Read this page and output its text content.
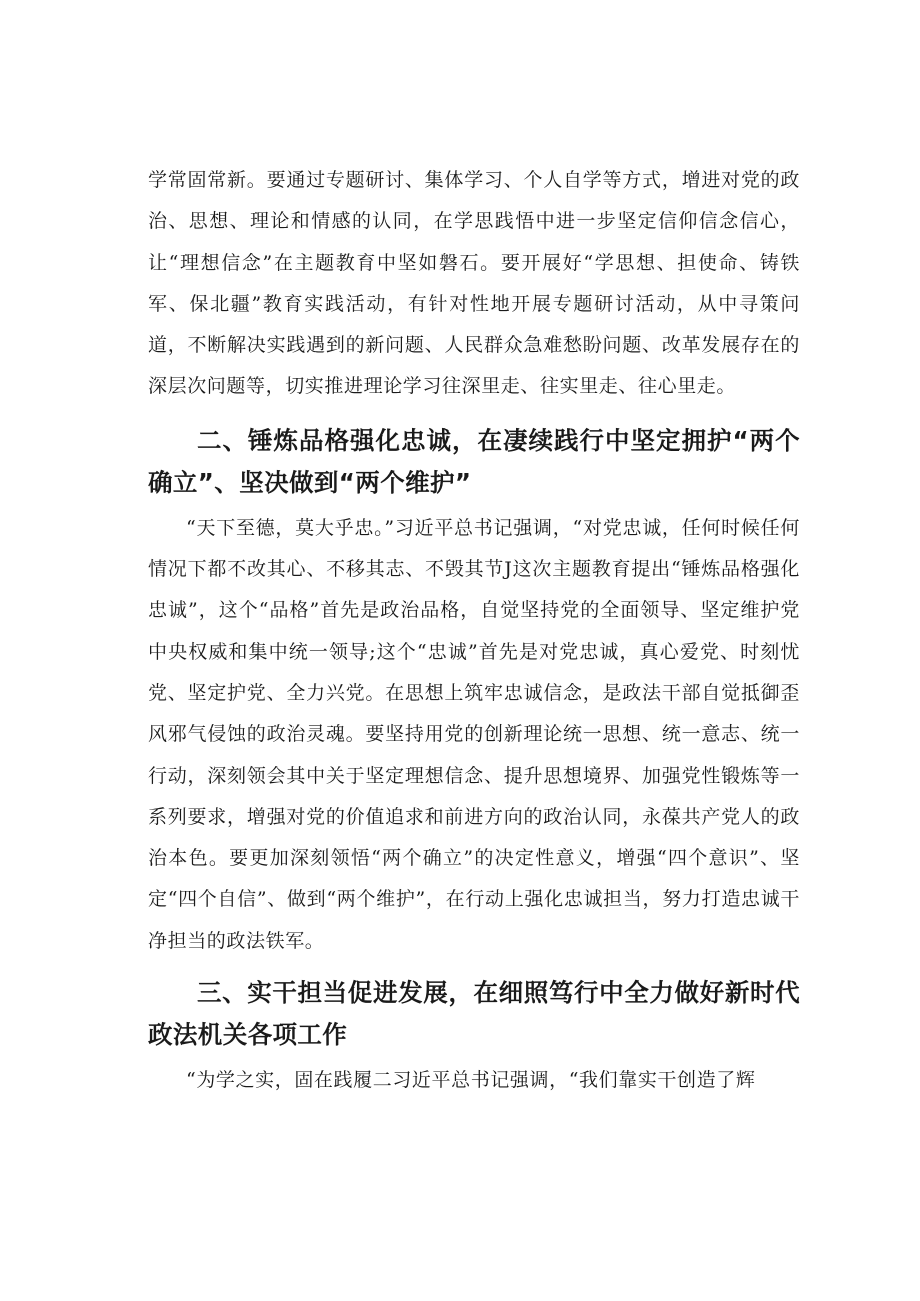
学常固常新。要通过专题研讨、集体学习、个人自学等方式，增进对党的政治、思想、理论和情感的认同，在学思践悟中进一步坚定信仰信念信心，让“理想信念”在主题教育中坚如磐石。要开展好“学思想、担使命、铸铁军、保北疆”教育实践活动，有针对性地开展专题研讨活动，从中寻策问道，不断解决实践遇到的新问题、人民群众急难愁盼问题、改革发展存在的深层次问题等，切实推进理论学习往深里走、往实里走、往心里走。

二、锤炼品格强化忠诚，在凄续践行中坚定拥护“两个确立”、坚决做到“两个维护”

“天下至德，莫大乎忠。”习近平总书记强调，“对党忠诚，任何时候任何情况下都不改其心、不移其志、不毁其节J这次主题教育提出“锤炼品格强化忠诚”，这个“品格”首先是政治品格，自觉坚持党的全面领导、坚定维护党中央权威和集中统一领导;这个“忠诚”首先是对党忠诚，真心爱党、时刻忧党、坚定护党、全力兴党。在思想上筑牢忠诚信念，是政法干部自觉抵御歪风邪气侵蚀的政治灵魂。要坚持用党的创新理论统一思想、统一意志、统一行动，深刻领会其中关于坚定理想信念、提升思想境界、加强党性锻炼等一系列要求，增强对党的价值追求和前进方向的政治认同，永葆共产党人的政治本色。要更加深刻领悟“两个确立”的决定性意义，增强“四个意识”、坚定“四个自信”、做到“两个维护”，在行动上强化忠诚担当，努力打造忠诚干净担当的政法铁军。

三、实干担当促进发展，在细照笃行中全力做好新时代政法机关各项工作

“为学之实，固在践履二习近平总书记强调，“我们靠实干创造了辉
